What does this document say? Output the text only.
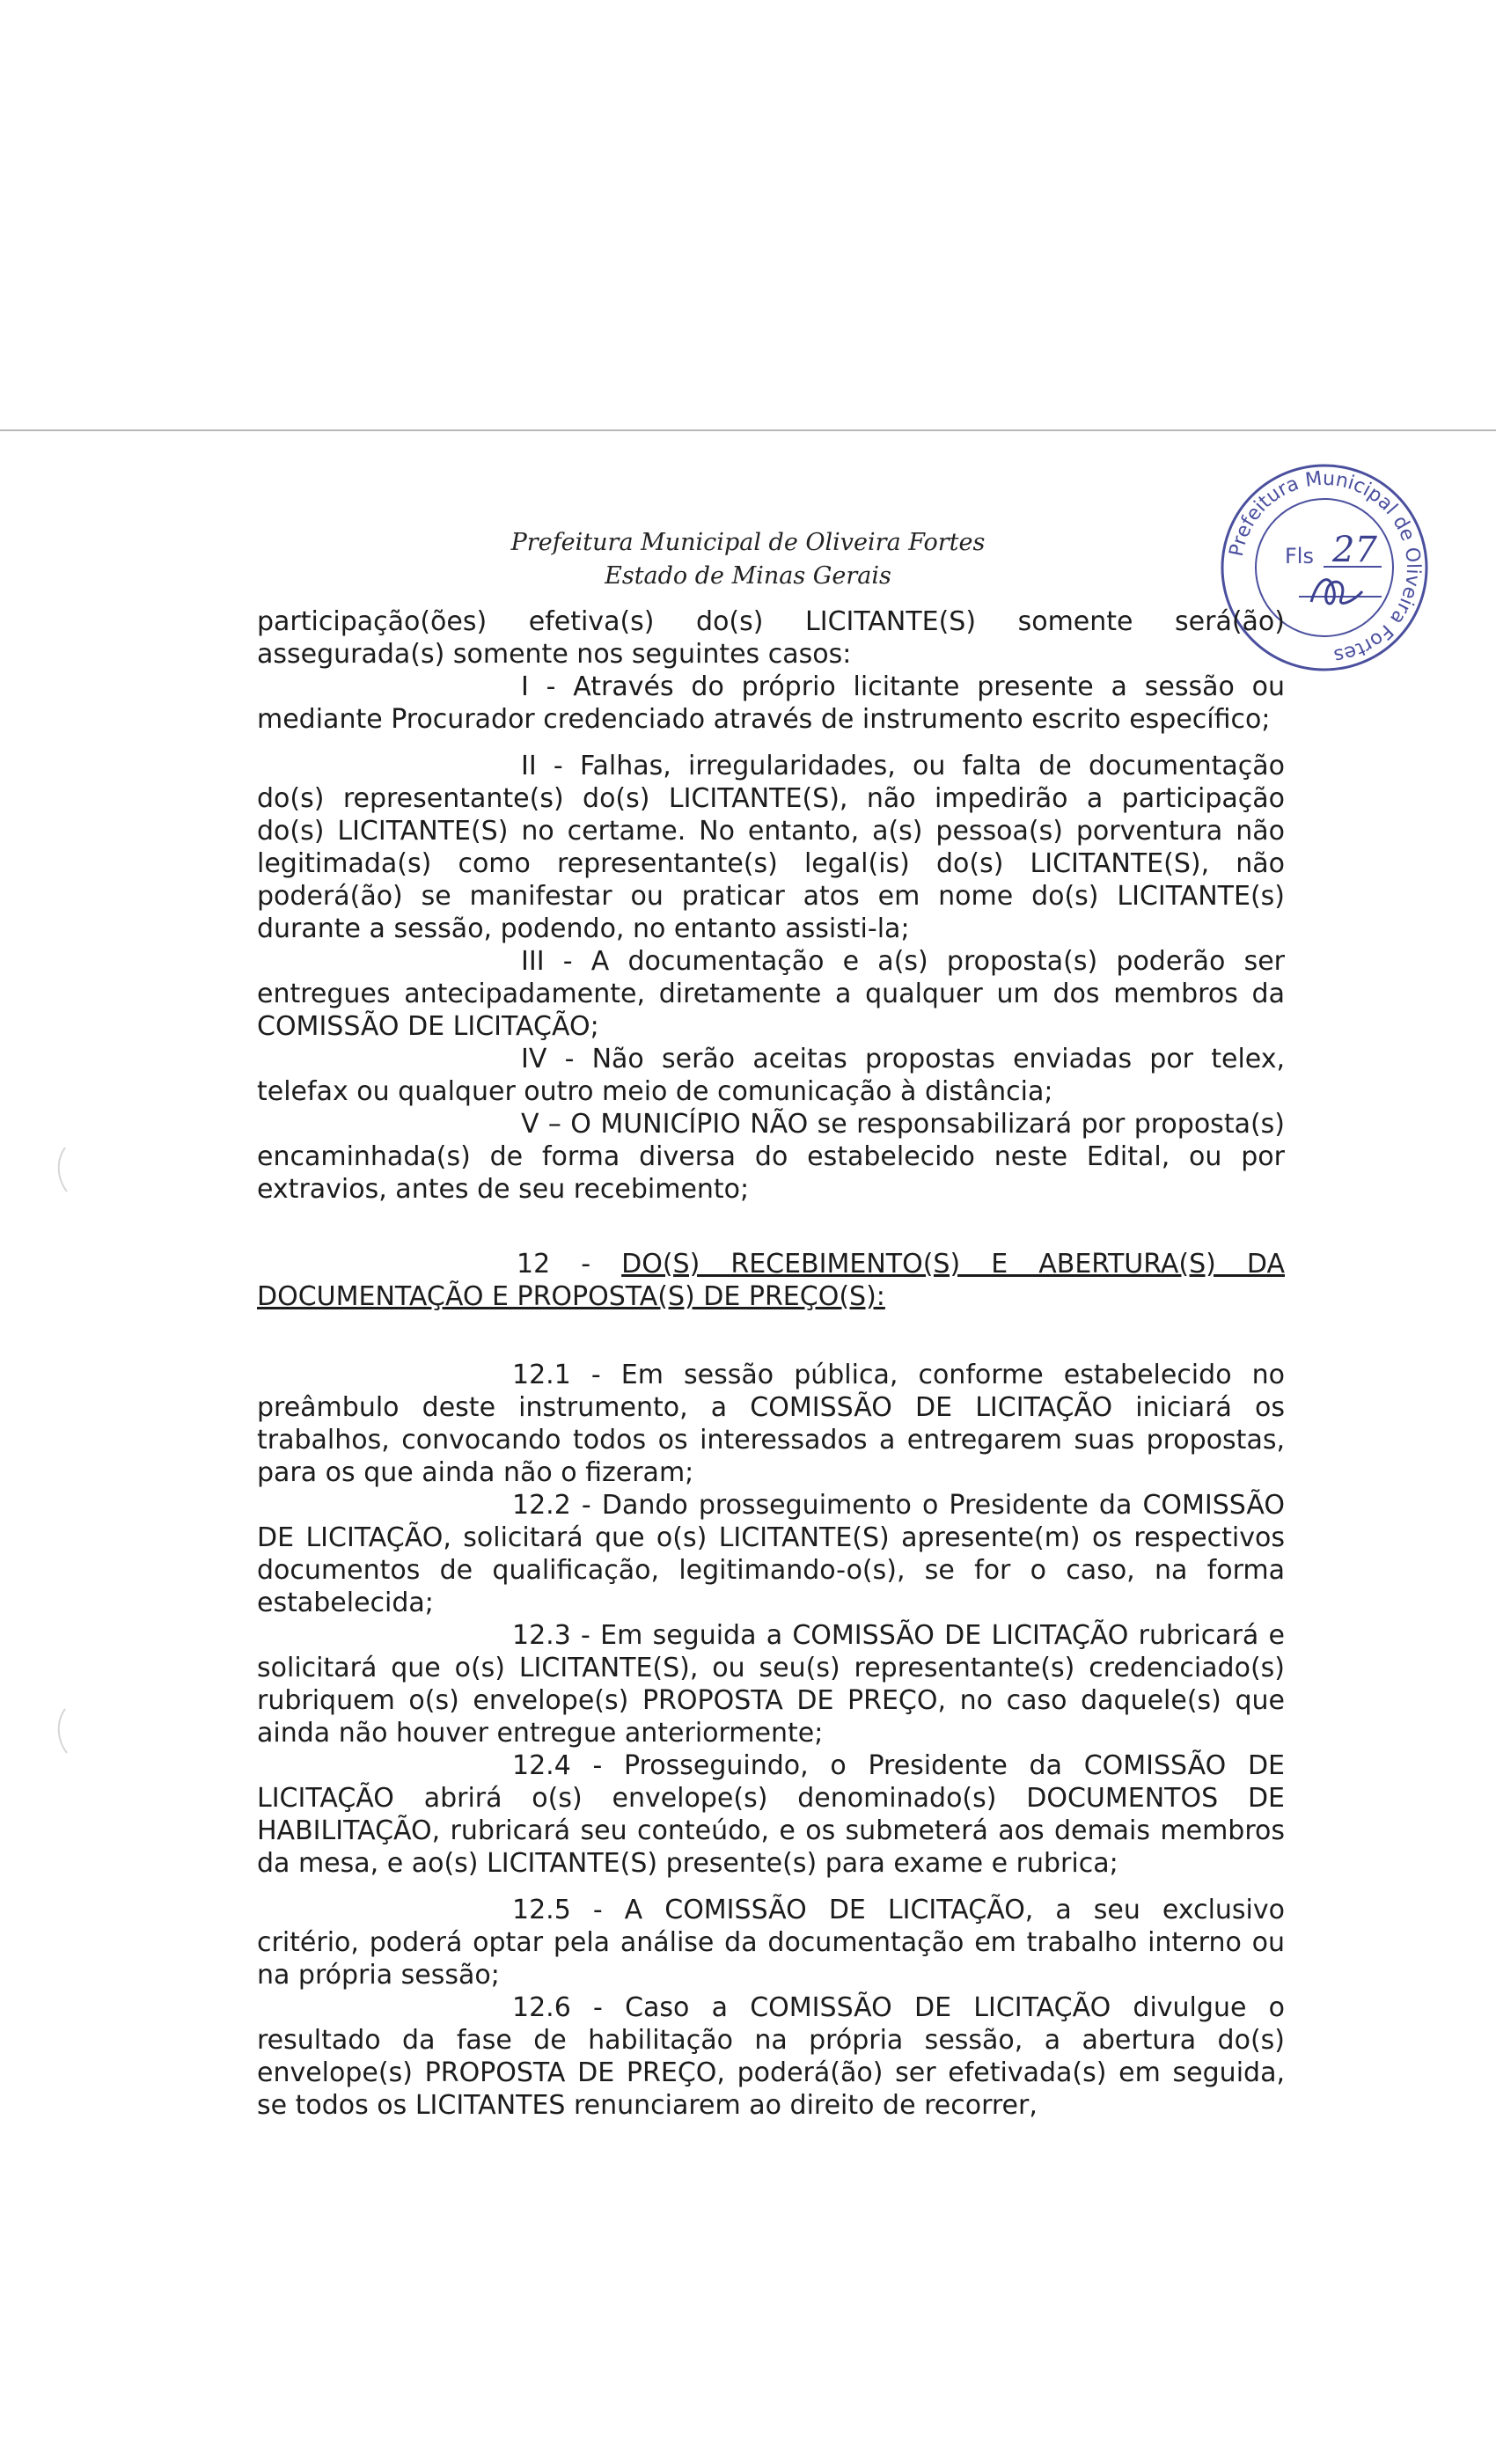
Prefeitura Municipal de Oliveira Fortes
Estado de Minas Gerais
Prefeitura Municipal de Oliveira Fortes
Fls 27

participação(ões) efetiva(s) do(s) LICITANTE(S) somente será(ão) assegurada(s) somente nos seguintes casos:

I - Através do próprio licitante presente a sessão ou mediante Procurador credenciado através de instrumento escrito específico;

II - Falhas, irregularidades, ou falta de documentação do(s) representante(s) do(s) LICITANTE(S), não impedirão a participação do(s) LICITANTE(S) no certame. No entanto, a(s) pessoa(s) porventura não legitimada(s) como representante(s) legal(is) do(s) LICITANTE(S), não poderá(ão) se manifestar ou praticar atos em nome do(s) LICITANTE(s) durante a sessão, podendo, no entanto assisti-la;

III - A documentação e a(s) proposta(s) poderão ser entregues antecipadamente, diretamente a qualquer um dos membros da COMISSÃO DE LICITAÇÃO;

IV - Não serão aceitas propostas enviadas por telex, telefax ou qualquer outro meio de comunicação à distância;

V – O MUNICÍPIO NÃO se responsabilizará por proposta(s) encaminhada(s) de forma diversa do estabelecido neste Edital, ou por extravios, antes de seu recebimento;

12 - DO(S) RECEBIMENTO(S) E ABERTURA(S) DA DOCUMENTAÇÃO E PROPOSTA(S) DE PREÇO(S):

12.1 - Em sessão pública, conforme estabelecido no preâmbulo deste instrumento, a COMISSÃO DE LICITAÇÃO iniciará os trabalhos, convocando todos os interessados a entregarem suas propostas, para os que ainda não o fizeram;

12.2 - Dando prosseguimento o Presidente da COMISSÃO DE LICITAÇÃO, solicitará que o(s) LICITANTE(S) apresente(m) os respectivos documentos de qualificação, legitimando-o(s), se for o caso, na forma estabelecida;

12.3 - Em seguida a COMISSÃO DE LICITAÇÃO rubricará e solicitará que o(s) LICITANTE(S), ou seu(s) representante(s) credenciado(s) rubriquem o(s) envelope(s) PROPOSTA DE PREÇO, no caso daquele(s) que ainda não houver entregue anteriormente;

12.4 - Prosseguindo, o Presidente da COMISSÃO DE LICITAÇÃO abrirá o(s) envelope(s) denominado(s) DOCUMENTOS DE HABILITAÇÃO, rubricará seu conteúdo, e os submeterá aos demais membros da mesa, e ao(s) LICITANTE(S) presente(s) para exame e rubrica;

12.5 - A COMISSÃO DE LICITAÇÃO, a seu exclusivo critério, poderá optar pela análise da documentação em trabalho interno ou na própria sessão;

12.6 - Caso a COMISSÃO DE LICITAÇÃO divulgue o resultado da fase de habilitação na própria sessão, a abertura do(s) envelope(s) PROPOSTA DE PREÇO, poderá(ão) ser efetivada(s) em seguida, se todos os LICITANTES renunciarem ao direito de recorrer,
